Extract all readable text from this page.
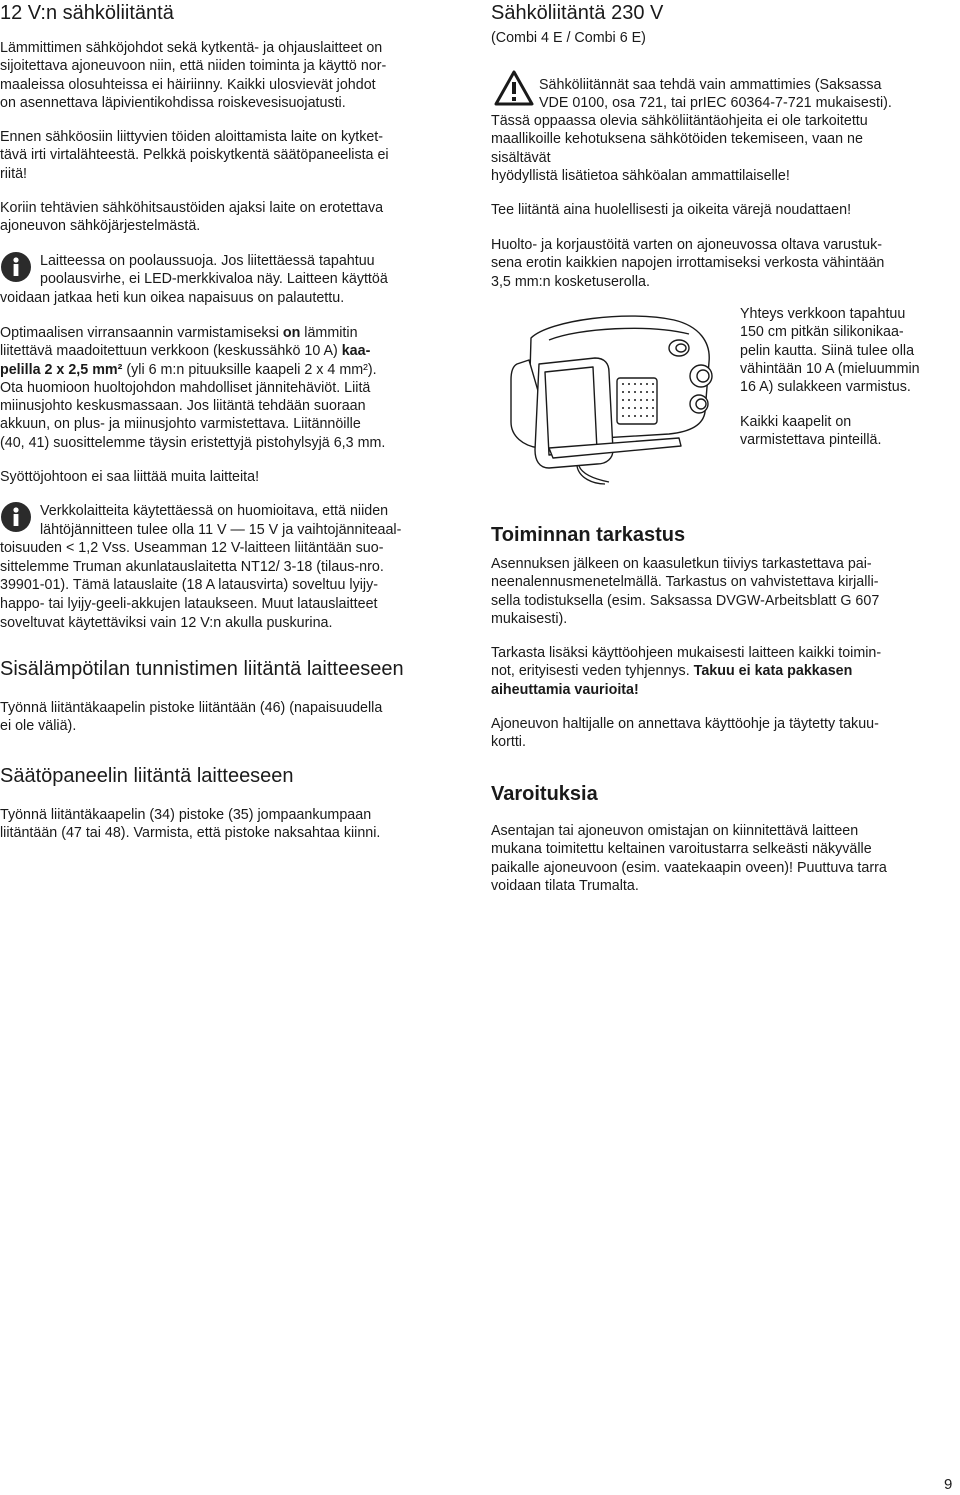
12 V:n sähköliitäntä

Lämmittimen sähköjohdot sekä kytkentä- ja ohjauslaitteet on

sijoitettava ajoneuvoon niin, että niiden toiminta ja käyttö nor-

maaleissa olosuhteissa ei häiriinny. Kaikki ulosvievät johdot

on asennettava läpivientikohdissa roiskevesisuojatusti.

Ennen sähköosiin liittyvien töiden aloittamista laite on kytket-

tävä irti virtalähteestä. Pelkkä poiskytkentä säätöpaneelista ei

riitä!

Koriin tehtävien sähköhitsaustöiden ajaksi laite on erotettava

ajoneuvon sähköjärjestelmästä.

Laitteessa on poolaussuoja. Jos liitettäessä tapahtuu

poolausvirhe, ei LED-merkkivaloa näy. Laitteen käyttöä

voidaan jatkaa heti kun oikea napaisuus on palautettu.

Optimaalisen virransaannin varmistamiseksi on lämmitin

liitettävä maadoitettuun verkkoon (keskussähkö 10 A) kaa-

pelilla 2 x 2,5 mm² (yli 6 m:n pituuksille kaapeli 2 x 4 mm²).

Ota huomioon huoltojohdon mahdolliset jännitehäviöt. Liitä

miinusjohto keskusmassaan. Jos liitäntä tehdään suoraan

akkuun, on plus- ja miinusjohto varmistettava. Liitännöille

(40, 41) suosittelemme täysin eristettyjä pistohylsyjä 6,3 mm.

Syöttöjohtoon ei saa liittää muita laitteita!

Verkkolaitteita käytettäessä on huomioitava, että niiden

lähtöjännitteen tulee olla 11 V — 15 V ja vaihtojänniteaal-

toisuuden < 1,2 Vss. Useamman 12 V-laitteen liitäntään suo-

sittelemme Truman akunlatauslaitetta NT12/ 3-18 (tilaus-nro.

39901-01). Tämä latauslaite (18 A latausvirta) soveltuu lyijy-

happo- tai lyijy-geeli-akkujen lataukseen. Muut latauslaitteet

soveltuvat käytettäviksi vain 12 V:n akulla puskurina.

Sisälämpötilan tunnistimen liitäntä laitteeseen

Työnnä liitäntäkaapelin pistoke liitäntään (46) (napaisuudella

ei ole väliä).

Säätöpaneelin liitäntä laitteeseen

Työnnä liitäntäkaapelin (34) pistoke (35) jompaankumpaan

liitäntään (47 tai 48). Varmista, että pistoke naksahtaa kiinni.

Sähköliitäntä 230 V

(Combi 4 E / Combi 6 E)

Sähköliitännät saa tehdä vain ammattimies (Saksassa

VDE 0100, osa 721, tai prIEC 60364-7-721 mukaisesti).

Tässä oppaassa olevia sähköliitäntäohjeita ei ole tarkoitettu

maallikoille kehotuksena sähkötöiden tekemiseen, vaan ne

sisältävät

hyödyllistä lisätietoa sähköalan ammattilaiselle!

Tee liitäntä aina huolellisesti ja oikeita värejä noudattaen!

Huolto- ja korjaustöitä varten on ajoneuvossa oltava varustuk-

sena erotin kaikkien napojen irrottamiseksi verkosta vähintään

3,5 mm:n kosketuserolla.

Yhteys verkkoon tapahtuu

150 cm pitkän silikonikaa-

pelin kautta. Siinä tulee olla

vähintään 10 A (mieluummin

16 A) sulakkeen varmistus.

Kaikki kaapelit on

varmistettava pinteillä.

Toiminnan tarkastus

Asennuksen jälkeen on kaasuletkun tiiviys tarkastettava pai-

neenalennusmenetelmällä. Tarkastus on vahvistettava kirjalli-

sella todistuksella (esim. Saksassa DVGW-Arbeitsblatt G 607

mukaisesti).

Tarkasta lisäksi käyttöohjeen mukaisesti laitteen kaikki toimin-

not, erityisesti veden tyhjennys. Takuu ei kata pakkasen

aiheuttamia vaurioita!

Ajoneuvon haltijalle on annettava käyttöohje ja täytetty takuu-

kortti.

Varoituksia

Asentajan tai ajoneuvon omistajan on kiinnitettävä laitteen

mukana toimitettu keltainen varoitustarra selkeästi näkyvälle

paikalle ajoneuvoon (esim. vaatekaapin oveen)! Puuttuva tarra

voidaan tilata Trumalta.

9
